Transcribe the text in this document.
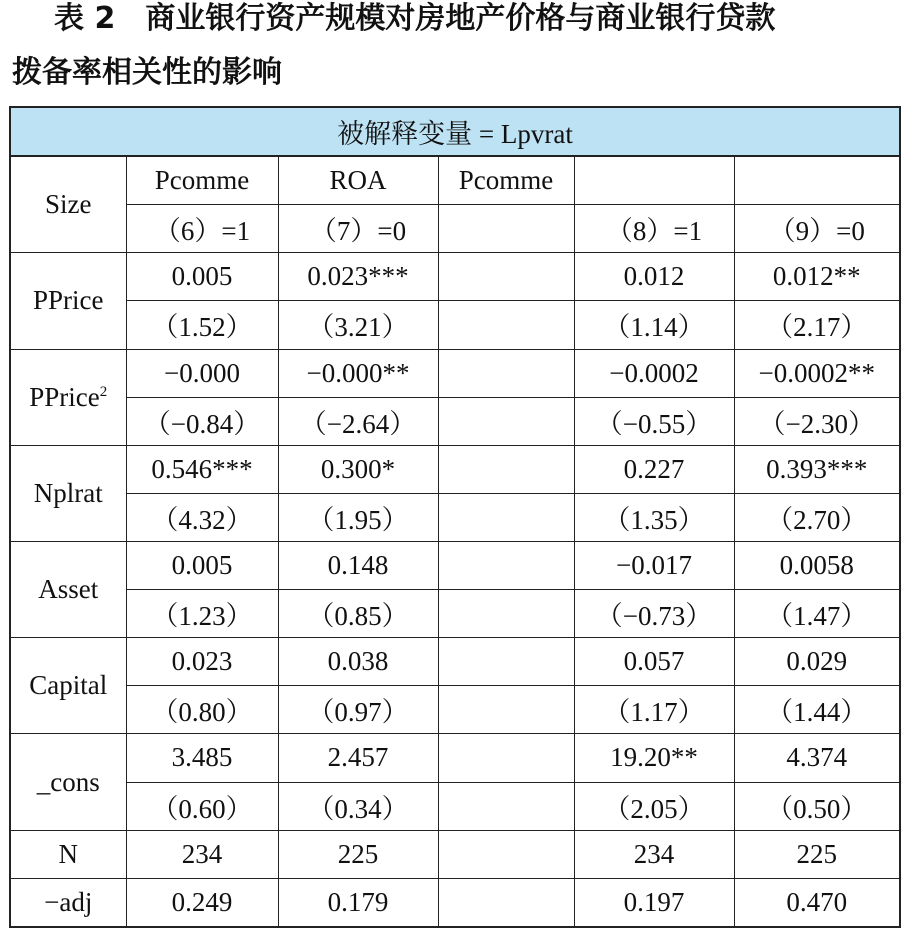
表 2　商业银行资产规模对房地产价格与商业银行贷款
拨备率相关性的影响
被解释变量 = Lpvrat					
Size	Pcomme	ROA	Pcomme		
	（6）=1	（7）=0		（8）=1	（9）=0
PPrice	0.005	0.023***		0.012	0.012**
	（1.52）	（3.21）		（1.14）	（2.17）
PPrice$^2$	−0.000	−0.000**		−0.0002	−0.0002**
	（−0.84）	（−2.64）		（−0.55）	（−2.30）
Nplrat	0.546***	0.300*		0.227	0.393***
	（4.32）	（1.95）		（1.35）	（2.70）
Asset	0.005	0.148		−0.017	0.0058
	（1.23）	（0.85）		（−0.73）	（1.47）
Capital	0.023	0.038		0.057	0.029
	（0.80）	（0.97）		（1.17）	（1.44）
_cons	3.485	2.457		19.20**	4.374
	（0.60）	（0.34）		（2.05）	（0.50）
N	234	225		234	225
−adj	0.249	0.179		0.197	0.470
